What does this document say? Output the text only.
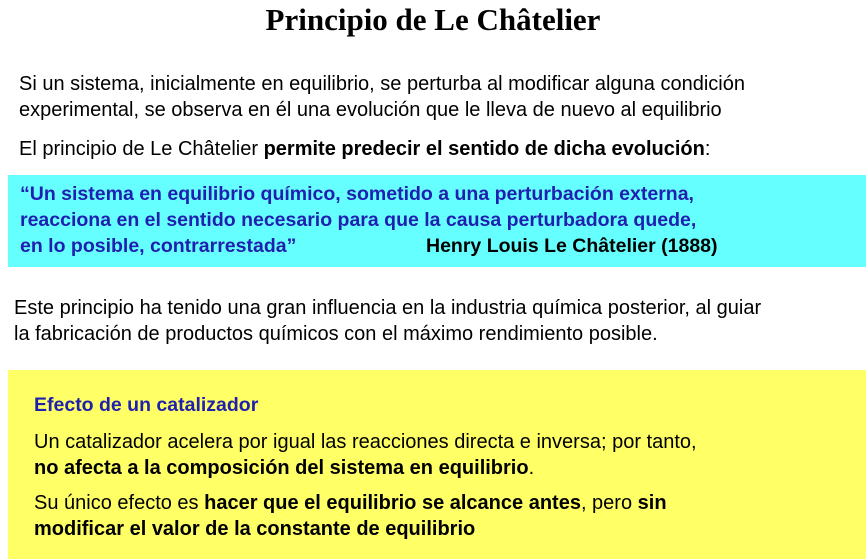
Principio de Le Châtelier
Si un sistema, inicialmente en equilibrio, se perturba al modificar alguna condición
experimental, se observa en él una evolución que le lleva de nuevo al equilibrio
El principio de Le Châtelier permite predecir el sentido de dicha evolución:
“Un sistema en equilibrio químico, sometido a una perturbación externa,
reacciona en el sentido necesario para que la causa perturbadora quede,
en lo posible, contrarrestada”	Henry Louis Le Châtelier (1888)
Este principio ha tenido una gran influencia en la industria química posterior, al guiar
la fabricación de productos químicos con el máximo rendimiento posible.
Efecto de un catalizador
Un catalizador acelera por igual las reacciones directa e inversa; por tanto,
no afecta a la composición del sistema en equilibrio.
Su único efecto es hacer que el equilibrio se alcance antes, pero sin
modificar el valor de la constante de equilibrio
